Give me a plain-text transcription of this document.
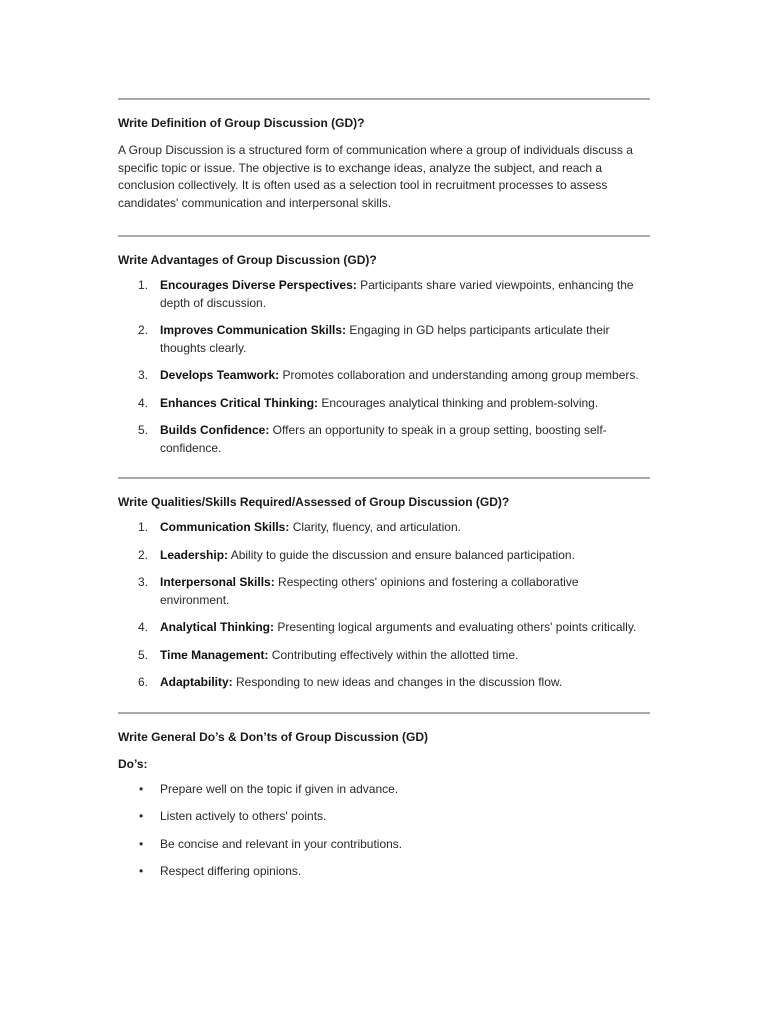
Write Definition of Group Discussion (GD)?

A Group Discussion is a structured form of communication where a group of individuals discuss a specific topic or issue. The objective is to exchange ideas, analyze the subject, and reach a conclusion collectively. It is often used as a selection tool in recruitment processes to assess candidates' communication and interpersonal skills.

Write Advantages of Group Discussion (GD)?
1. Encourages Diverse Perspectives: Participants share varied viewpoints, enhancing the depth of discussion.
2. Improves Communication Skills: Engaging in GD helps participants articulate their thoughts clearly.
3. Develops Teamwork: Promotes collaboration and understanding among group members.
4. Enhances Critical Thinking: Encourages analytical thinking and problem-solving.
5. Builds Confidence: Offers an opportunity to speak in a group setting, boosting self-confidence.
Write Qualities/Skills Required/Assessed of Group Discussion (GD)?
1. Communication Skills: Clarity, fluency, and articulation.
2. Leadership: Ability to guide the discussion and ensure balanced participation.
3. Interpersonal Skills: Respecting others' opinions and fostering a collaborative environment.
4. Analytical Thinking: Presenting logical arguments and evaluating others' points critically.
5. Time Management: Contributing effectively within the allotted time.
6. Adaptability: Responding to new ideas and changes in the discussion flow.
Write General Do’s & Don’ts of Group Discussion (GD)
Do’s:
• Prepare well on the topic if given in advance.
• Listen actively to others' points.
• Be concise and relevant in your contributions.
• Respect differing opinions.
